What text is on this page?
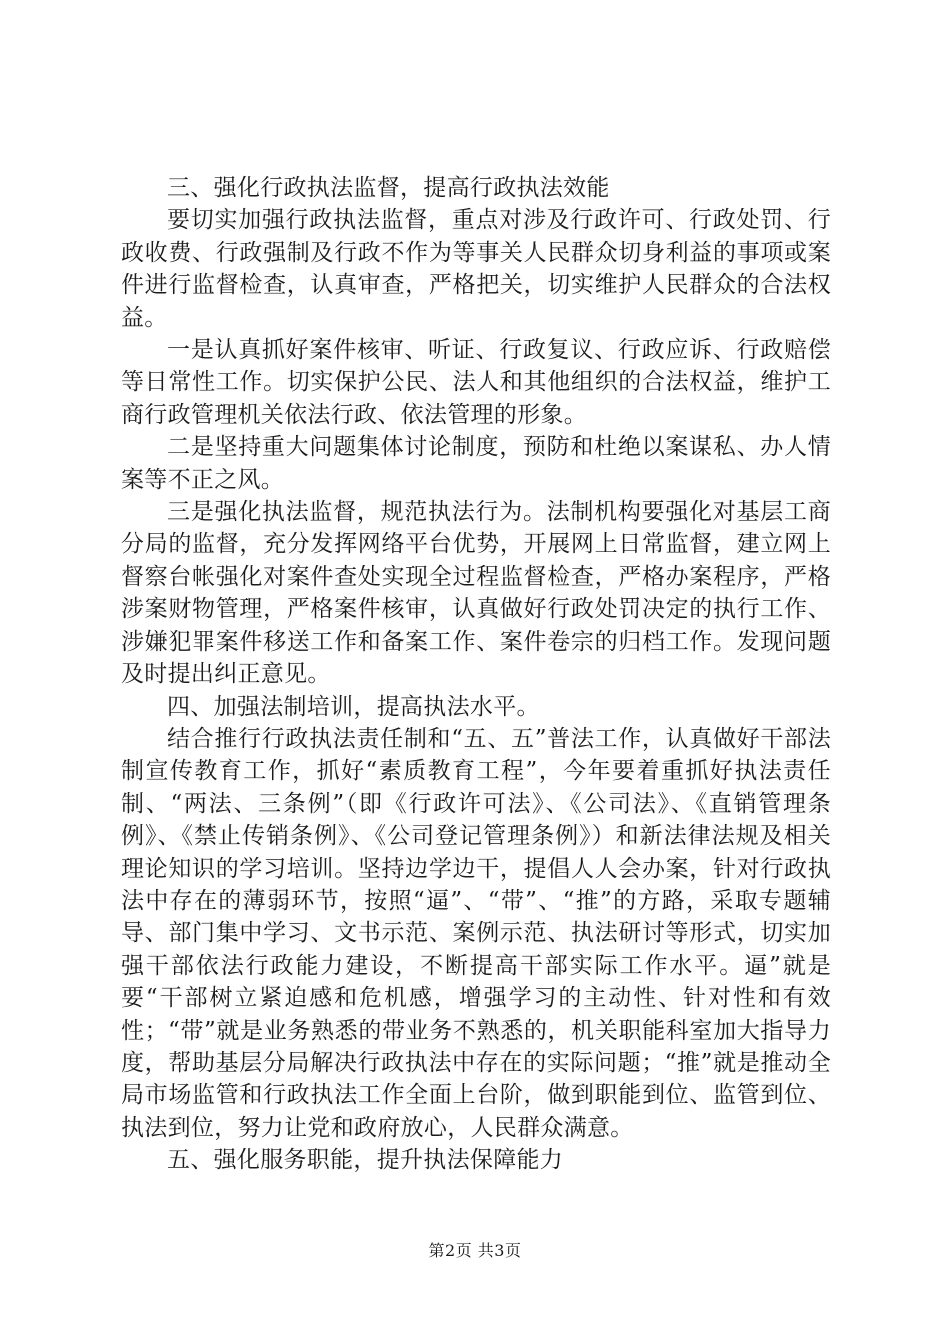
三、强化行政执法监督，提高行政执法效能

要切实加强行政执法监督，重点对涉及行政许可、行政处罚、行政收费、行政强制及行政不作为等事关人民群众切身利益的事项或案件进行监督检查，认真审查，严格把关，切实维护人民群众的合法权益。

一是认真抓好案件核审、听证、行政复议、行政应诉、行政赔偿等日常性工作。切实保护公民、法人和其他组织的合法权益，维护工商行政管理机关依法行政、依法管理的形象。

二是坚持重大问题集体讨论制度，预防和杜绝以案谋私、办人情案等不正之风。

三是强化执法监督，规范执法行为。法制机构要强化对基层工商分局的监督，充分发挥网络平台优势，开展网上日常监督，建立网上督察台帐强化对案件查处实现全过程监督检查，严格办案程序，严格涉案财物管理，严格案件核审，认真做好行政处罚决定的执行工作、涉嫌犯罪案件移送工作和备案工作、案件卷宗的归档工作。发现问题及时提出纠正意见。

四、加强法制培训，提高执法水平。

结合推行行政执法责任制和“五、五”普法工作，认真做好干部法制宣传教育工作，抓好“素质教育工程”，今年要着重抓好执法责任制、“两法、三条例”（即《行政许可法》、《公司法》、《直销管理条例》、《禁止传销条例》、《公司登记管理条例》）和新法律法规及相关理论知识的学习培训。坚持边学边干，提倡人人会办案，针对行政执法中存在的薄弱环节，按照“逼”、“带”、“推”的方路，采取专题辅导、部门集中学习、文书示范、案例示范、执法研讨等形式，切实加强干部依法行政能力建设，不断提高干部实际工作水平。逼”就是要“干部树立紧迫感和危机感，增强学习的主动性、针对性和有效性；“带”就是业务熟悉的带业务不熟悉的，机关职能科室加大指导力度，帮助基层分局解决行政执法中存在的实际问题；“推”就是推动全局市场监管和行政执法工作全面上台阶，做到职能到位、监管到位、执法到位，努力让党和政府放心，人民群众满意。

五、强化服务职能，提升执法保障能力

第2页 共3页
